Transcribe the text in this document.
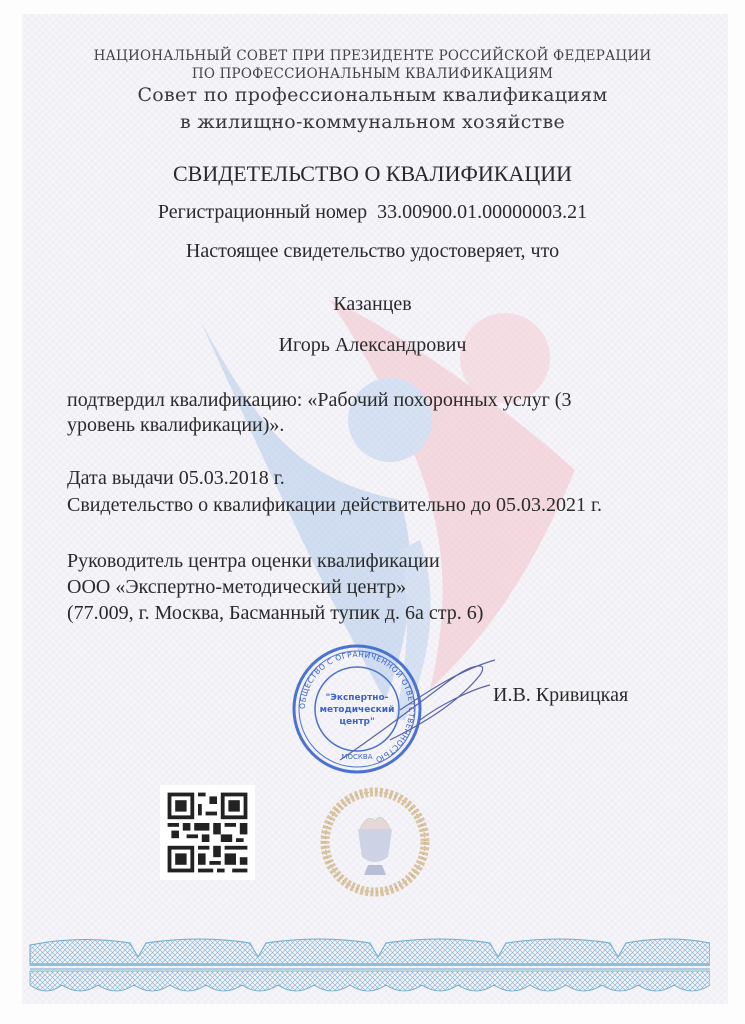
НАЦИОНАЛЬНЫЙ СОВЕТ ПРИ ПРЕЗИДЕНТЕ РОССИЙСКОЙ ФЕДЕРАЦИИ
ПО ПРОФЕССИОНАЛЬНЫМ КВАЛИФИКАЦИЯМ
Совет по профессиональным квалификациям
в жилищно-коммунальном хозяйстве
СВИДЕТЕЛЬСТВО О КВАЛИФИКАЦИИ
Регистрационный номер 33.00900.01.00000003.21
Настоящее свидетельство удостоверяет, что
Казанцев
Игорь Александрович
подтвердил квалификацию: «Рабочий похоронных услуг (3
уровень квалификации)».
Дата выдачи 05.03.2018 г.
Свидетельство о квалификации действительно до 05.03.2021 г.
Руководитель центра оценки квалификации
ООО «Экспертно-методический центр»
(77.009, г. Москва, Басманный тупик д. 6а стр. 6)
И.В. Кривицкая
ОБЩЕСТВО С ОГРАНИЧЕННОЙ ОТВЕТСТВЕННОСТЬЮ
"Экспертно-
методический
центр"
МОСКВА
